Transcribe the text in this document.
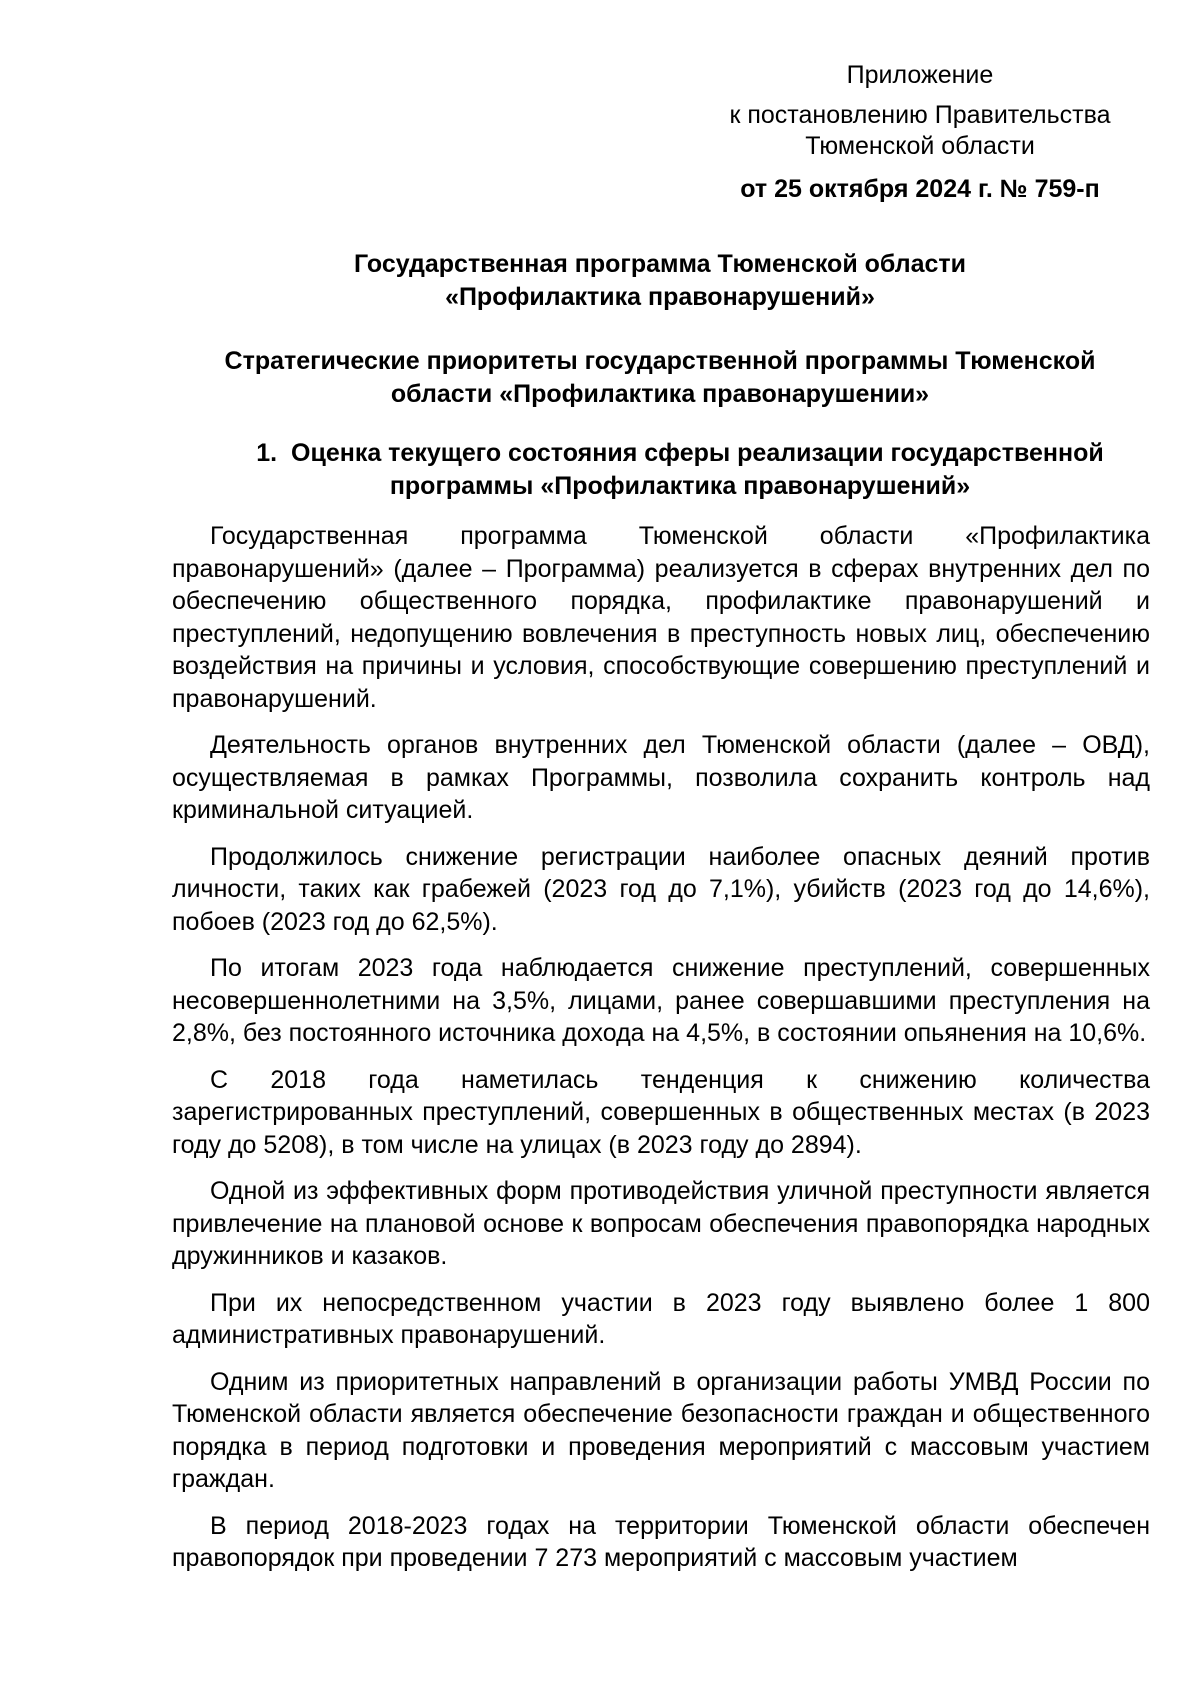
Приложение
к постановлению Правительства
Тюменской области
от 25 октября 2024 г. № 759-п
Государственная программа Тюменской области
«Профилактика правонарушений»
Стратегические приоритеты государственной программы Тюменской
области «Профилактика правонарушении»
1.  Оценка текущего состояния сферы реализации государственной
программы «Профилактика правонарушений»

Государственная программа Тюменской области «Профилактика правонарушений» (далее – Программа) реализуется в сферах внутренних дел по обеспечению общественного порядка, профилактике правонарушений и преступлений, недопущению вовлечения в преступность новых лиц, обеспечению воздействия на причины и условия, способствующие совершению преступлений и правонарушений.

Деятельность органов внутренних дел Тюменской области (далее – ОВД), осуществляемая в рамках Программы, позволила сохранить контроль над криминальной ситуацией.

Продолжилось снижение регистрации наиболее опасных деяний против личности, таких как грабежей (2023 год до 7,1%), убийств (2023 год до 14,6%), побоев (2023 год до 62,5%).

По итогам 2023 года наблюдается снижение преступлений, совершенных несовершеннолетними на 3,5%, лицами, ранее совершавшими преступления на 2,8%, без постоянного источника дохода на 4,5%, в состоянии опьянения на 10,6%.

С 2018 года наметилась тенденция к снижению количества зарегистрированных преступлений, совершенных в общественных местах (в 2023 году до 5208), в том числе на улицах (в 2023 году до 2894).

Одной из эффективных форм противодействия уличной преступности является привлечение на плановой основе к вопросам обеспечения правопорядка народных дружинников и казаков.

При их непосредственном участии в 2023 году выявлено более 1 800 административных правонарушений.

Одним из приоритетных направлений в организации работы УМВД России по Тюменской области является обеспечение безопасности граждан и общественного порядка в период подготовки и проведения мероприятий с массовым участием граждан.

В период 2018-2023 годах на территории Тюменской области обеспечен правопорядок при проведении 7 273 мероприятий с массовым участием
